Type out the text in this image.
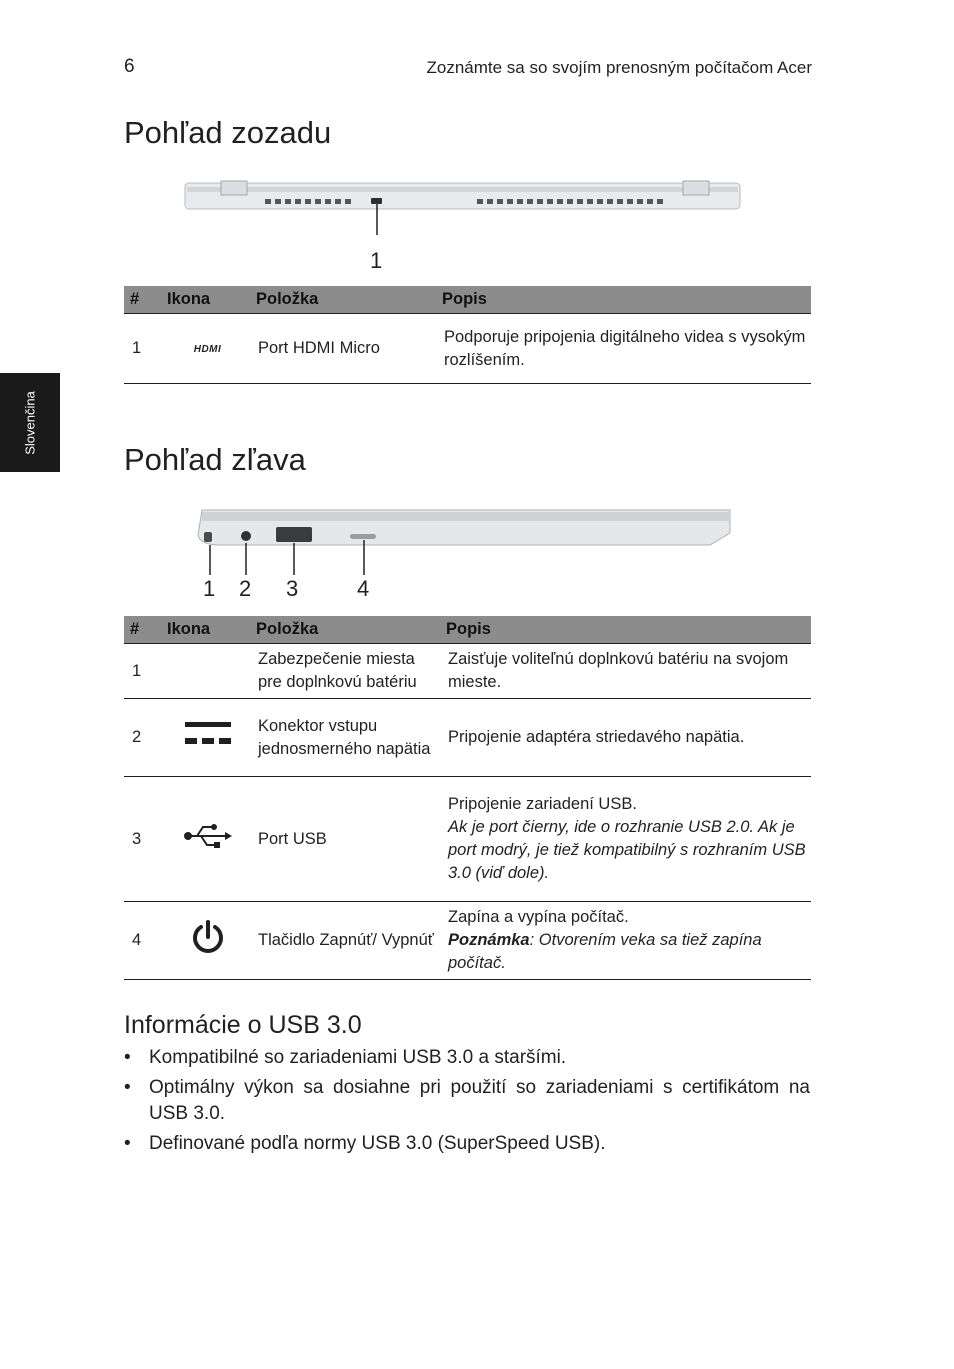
6	Zoznámte sa so svojím prenosným počítačom Acer
Slovenčina
Pohľad zozadu
1
#	Ikona	Položka	Popis
1	HDMI	Port HDMI Micro	Podporuje pripojenia digitálneho videa s vysokým rozlíšením.
Pohľad zľava
1 2 3	4
#	Ikona	Položka	Popis
1		Zabezpečenie miesta pre doplnkovú batériu	Zaisťuje voliteľnú doplnkovú batériu na svojom mieste.
2		Konektor vstupu jednosmerného napätia	Pripojenie adaptéra striedavého napätia.
3		Port USB	Pripojenie zariadení USB.
Ak je port čierny, ide o rozhranie USB 2.0. Ak je port modrý, je tiež kompatibilný s rozhraním USB 3.0 (viď dole).

4		Tlačidlo Zapnúť/ Vypnúť	Zapína a vypína počítač.
Poznámka: Otvorením veka sa tiež zapína počítač.
Informácie o USB 3.0
• Kompatibilné so zariadeniami USB 3.0 a staršími.
• Optimálny výkon sa dosiahne pri použití so zariadeniami s certifikátom na USB 3.0.
• Definované podľa normy USB 3.0 (SuperSpeed USB).
